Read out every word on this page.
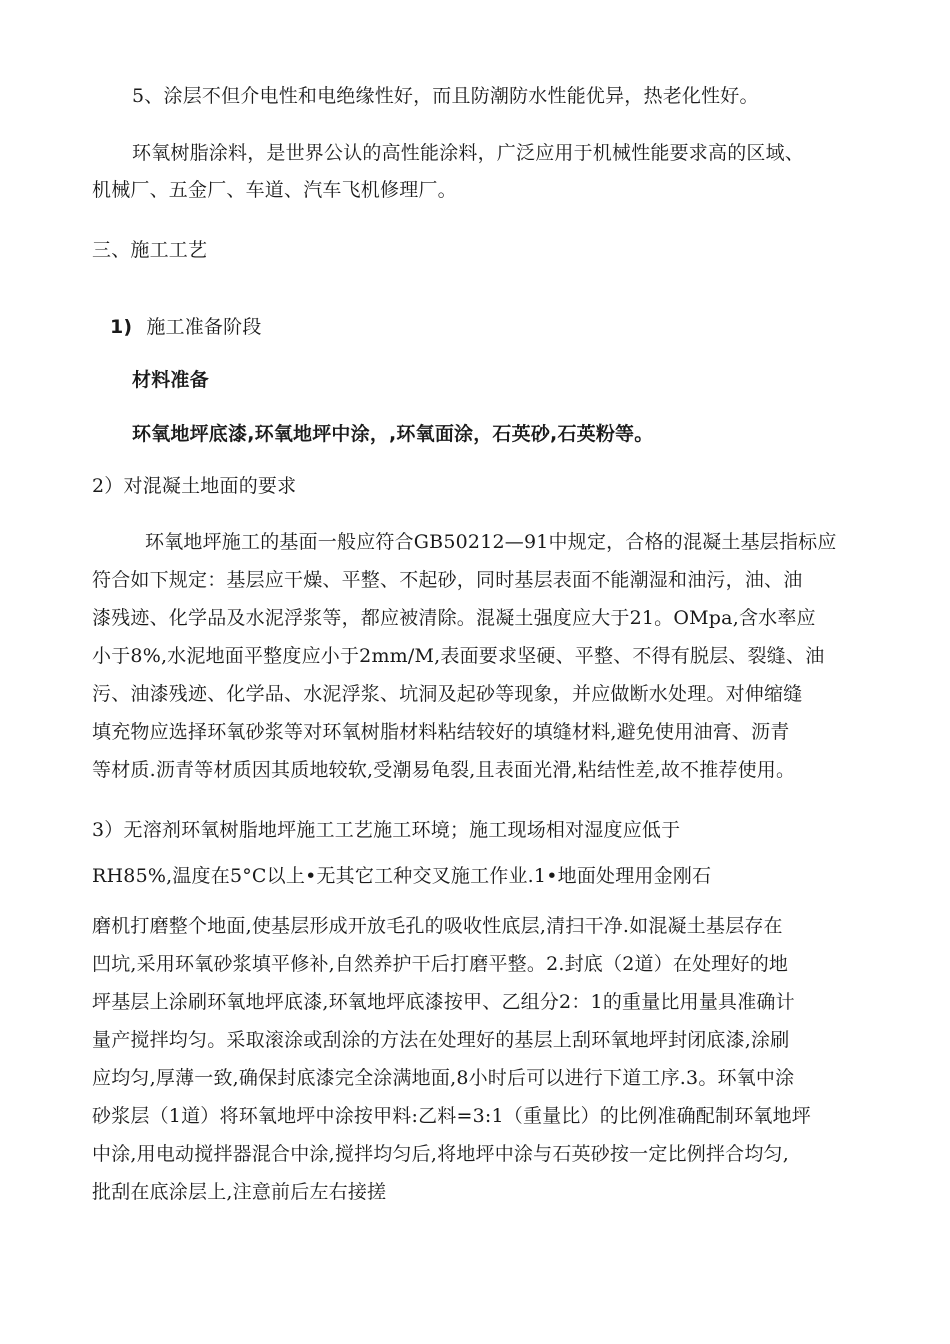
5、涂层不但介电性和电绝缘性好，而且防潮防水性能优异，热老化性好。
环氧树脂涂料，是世界公认的高性能涂料，广泛应用于机械性能要求高的区域、
机械厂、五金厂、车道、汽车飞机修理厂。
三、施工工艺
1) 施工准备阶段
材料准备
环氧地坪底漆,环氧地坪中涂，,环氧面涂，石英砂,石英粉等。
2）对混凝土地面的要求
环氧地坪施工的基面一般应符合GB50212—91中规定，合格的混凝土基层指标应
符合如下规定：基层应干燥、平整、不起砂，同时基层表面不能潮湿和油污，油、油
漆残迹、化学品及水泥浮浆等，都应被清除。混凝土强度应大于21。OMpa,含水率应
小于8%,水泥地面平整度应小于2mm/M,表面要求坚硬、平整、不得有脱层、裂缝、油
污、油漆残迹、化学品、水泥浮浆、坑洞及起砂等现象，并应做断水处理。对伸缩缝
填充物应选择环氧砂浆等对环氧树脂材料粘结较好的填缝材料,避免使用油膏、沥青
等材质.沥青等材质因其质地较软,受潮易龟裂,且表面光滑,粘结性差,故不推荐使用。
3）无溶剂环氧树脂地坪施工工艺施工环境；施工现场相对湿度应低于
RH85%,温度在5°C以上•无其它工种交叉施工作业.1•地面处理用金刚石
磨机打磨整个地面,使基层形成开放毛孔的吸收性底层,清扫干净.如混凝土基层存在
凹坑,采用环氧砂浆填平修补,自然养护干后打磨平整。2.封底（2道）在处理好的地
坪基层上涂刷环氧地坪底漆,环氧地坪底漆按甲、乙组分2：1的重量比用量具准确计
量产搅拌均匀。采取滚涂或刮涂的方法在处理好的基层上刮环氧地坪封闭底漆,涂刷
应均匀,厚薄一致,确保封底漆完全涂满地面,8小时后可以进行下道工序.3。环氧中涂
砂浆层（1道）将环氧地坪中涂按甲料:乙料=3:1（重量比）的比例准确配制环氧地坪
中涂,用电动搅拌器混合中涂,搅拌均匀后,将地坪中涂与石英砂按一定比例拌合均匀,
批刮在底涂层上,注意前后左右接搓
